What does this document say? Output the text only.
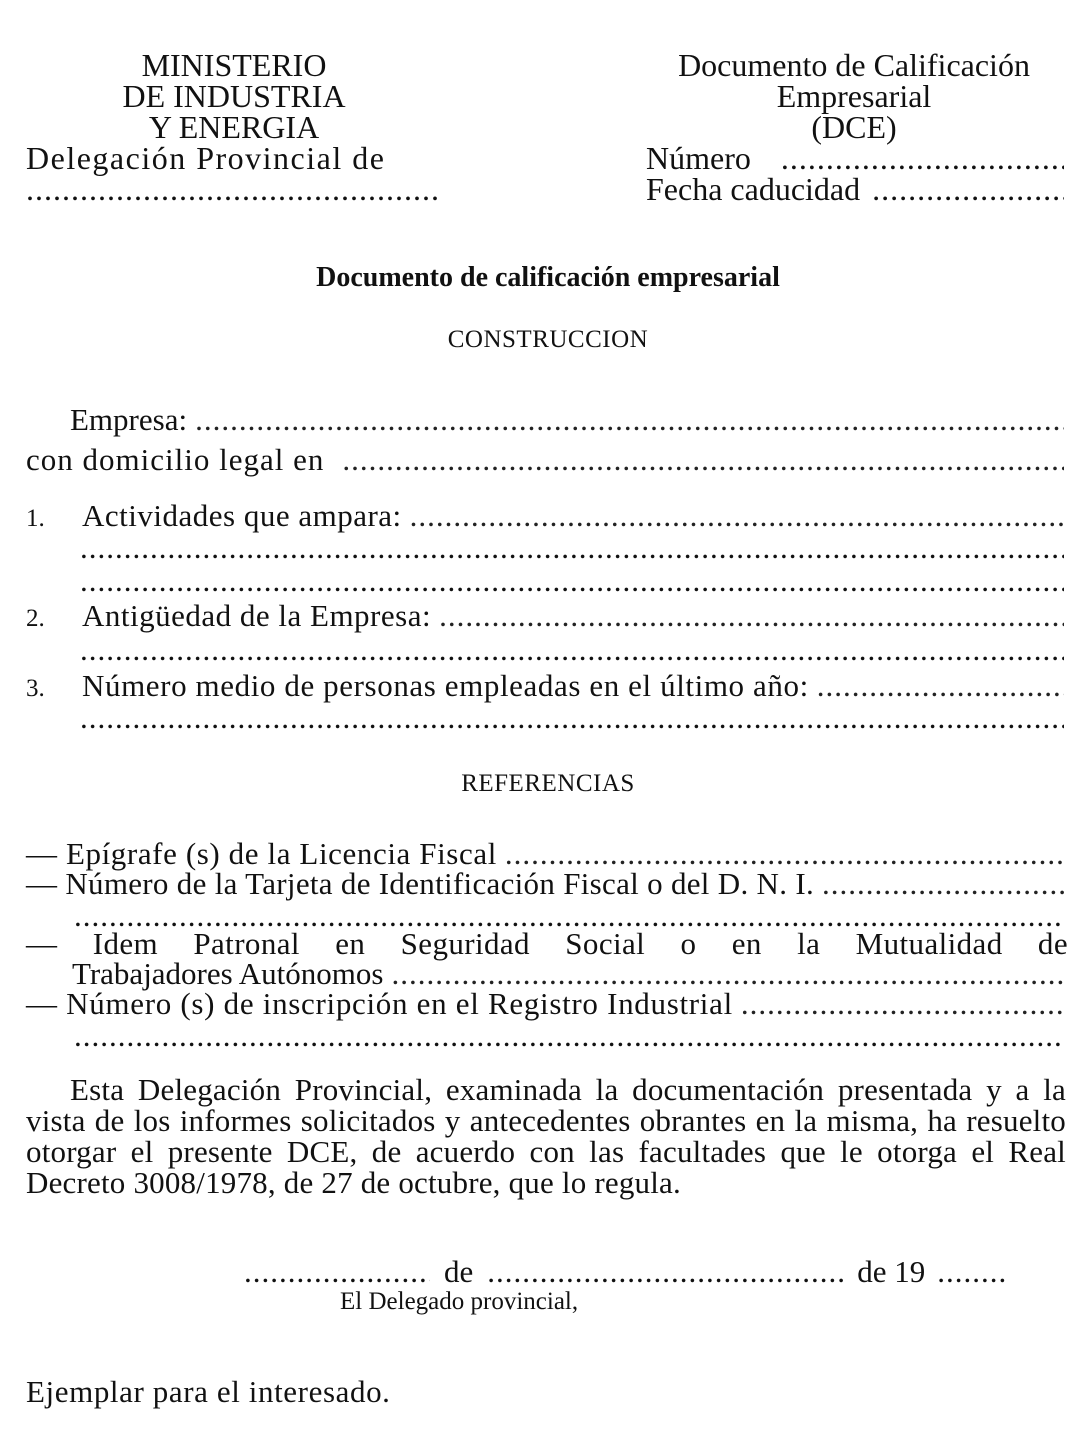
MINISTERIO
DE INDUSTRIA
Y ENERGIA
Delegación Provincial de
.....
Documento de Calificación
Empresarial
(DCE)
Número
.....
Fecha caducidad
.....
Documento de calificación empresarial
CONSTRUCCION
Empresa:
.....
con domicilio legal en
.....
1.	Actividades que ampara:
.....
.....
.....
2.	Antigüedad de la Empresa:
.....
.....
3.	Número medio de personas empleadas en el último año:
.....
.....
REFERENCIAS
— Epígrafe (s) de la Licencia Fiscal
.....
— Número de la Tarjeta de Identificación Fiscal o del D. N. I.
.....
.....
— Idem Patronal en Seguridad Social o en la Mutualidad de
Trabajadores Autónomos
.....
— Número (s) de inscripción en el Registro Industrial
.....
.....
Esta Delegación Provincial, examinada la documentación presentada y a la vista de los informes solicitados y antecedentes obrantes en la misma, ha resuelto otorgar el presente DCE, de acuerdo con las facultades que le otorga el Real Decreto 3008/1978, de 27 de octubre, que lo regula.
.....
de
.....	de 19
.....
El Delegado provincial,
Ejemplar para el interesado.
